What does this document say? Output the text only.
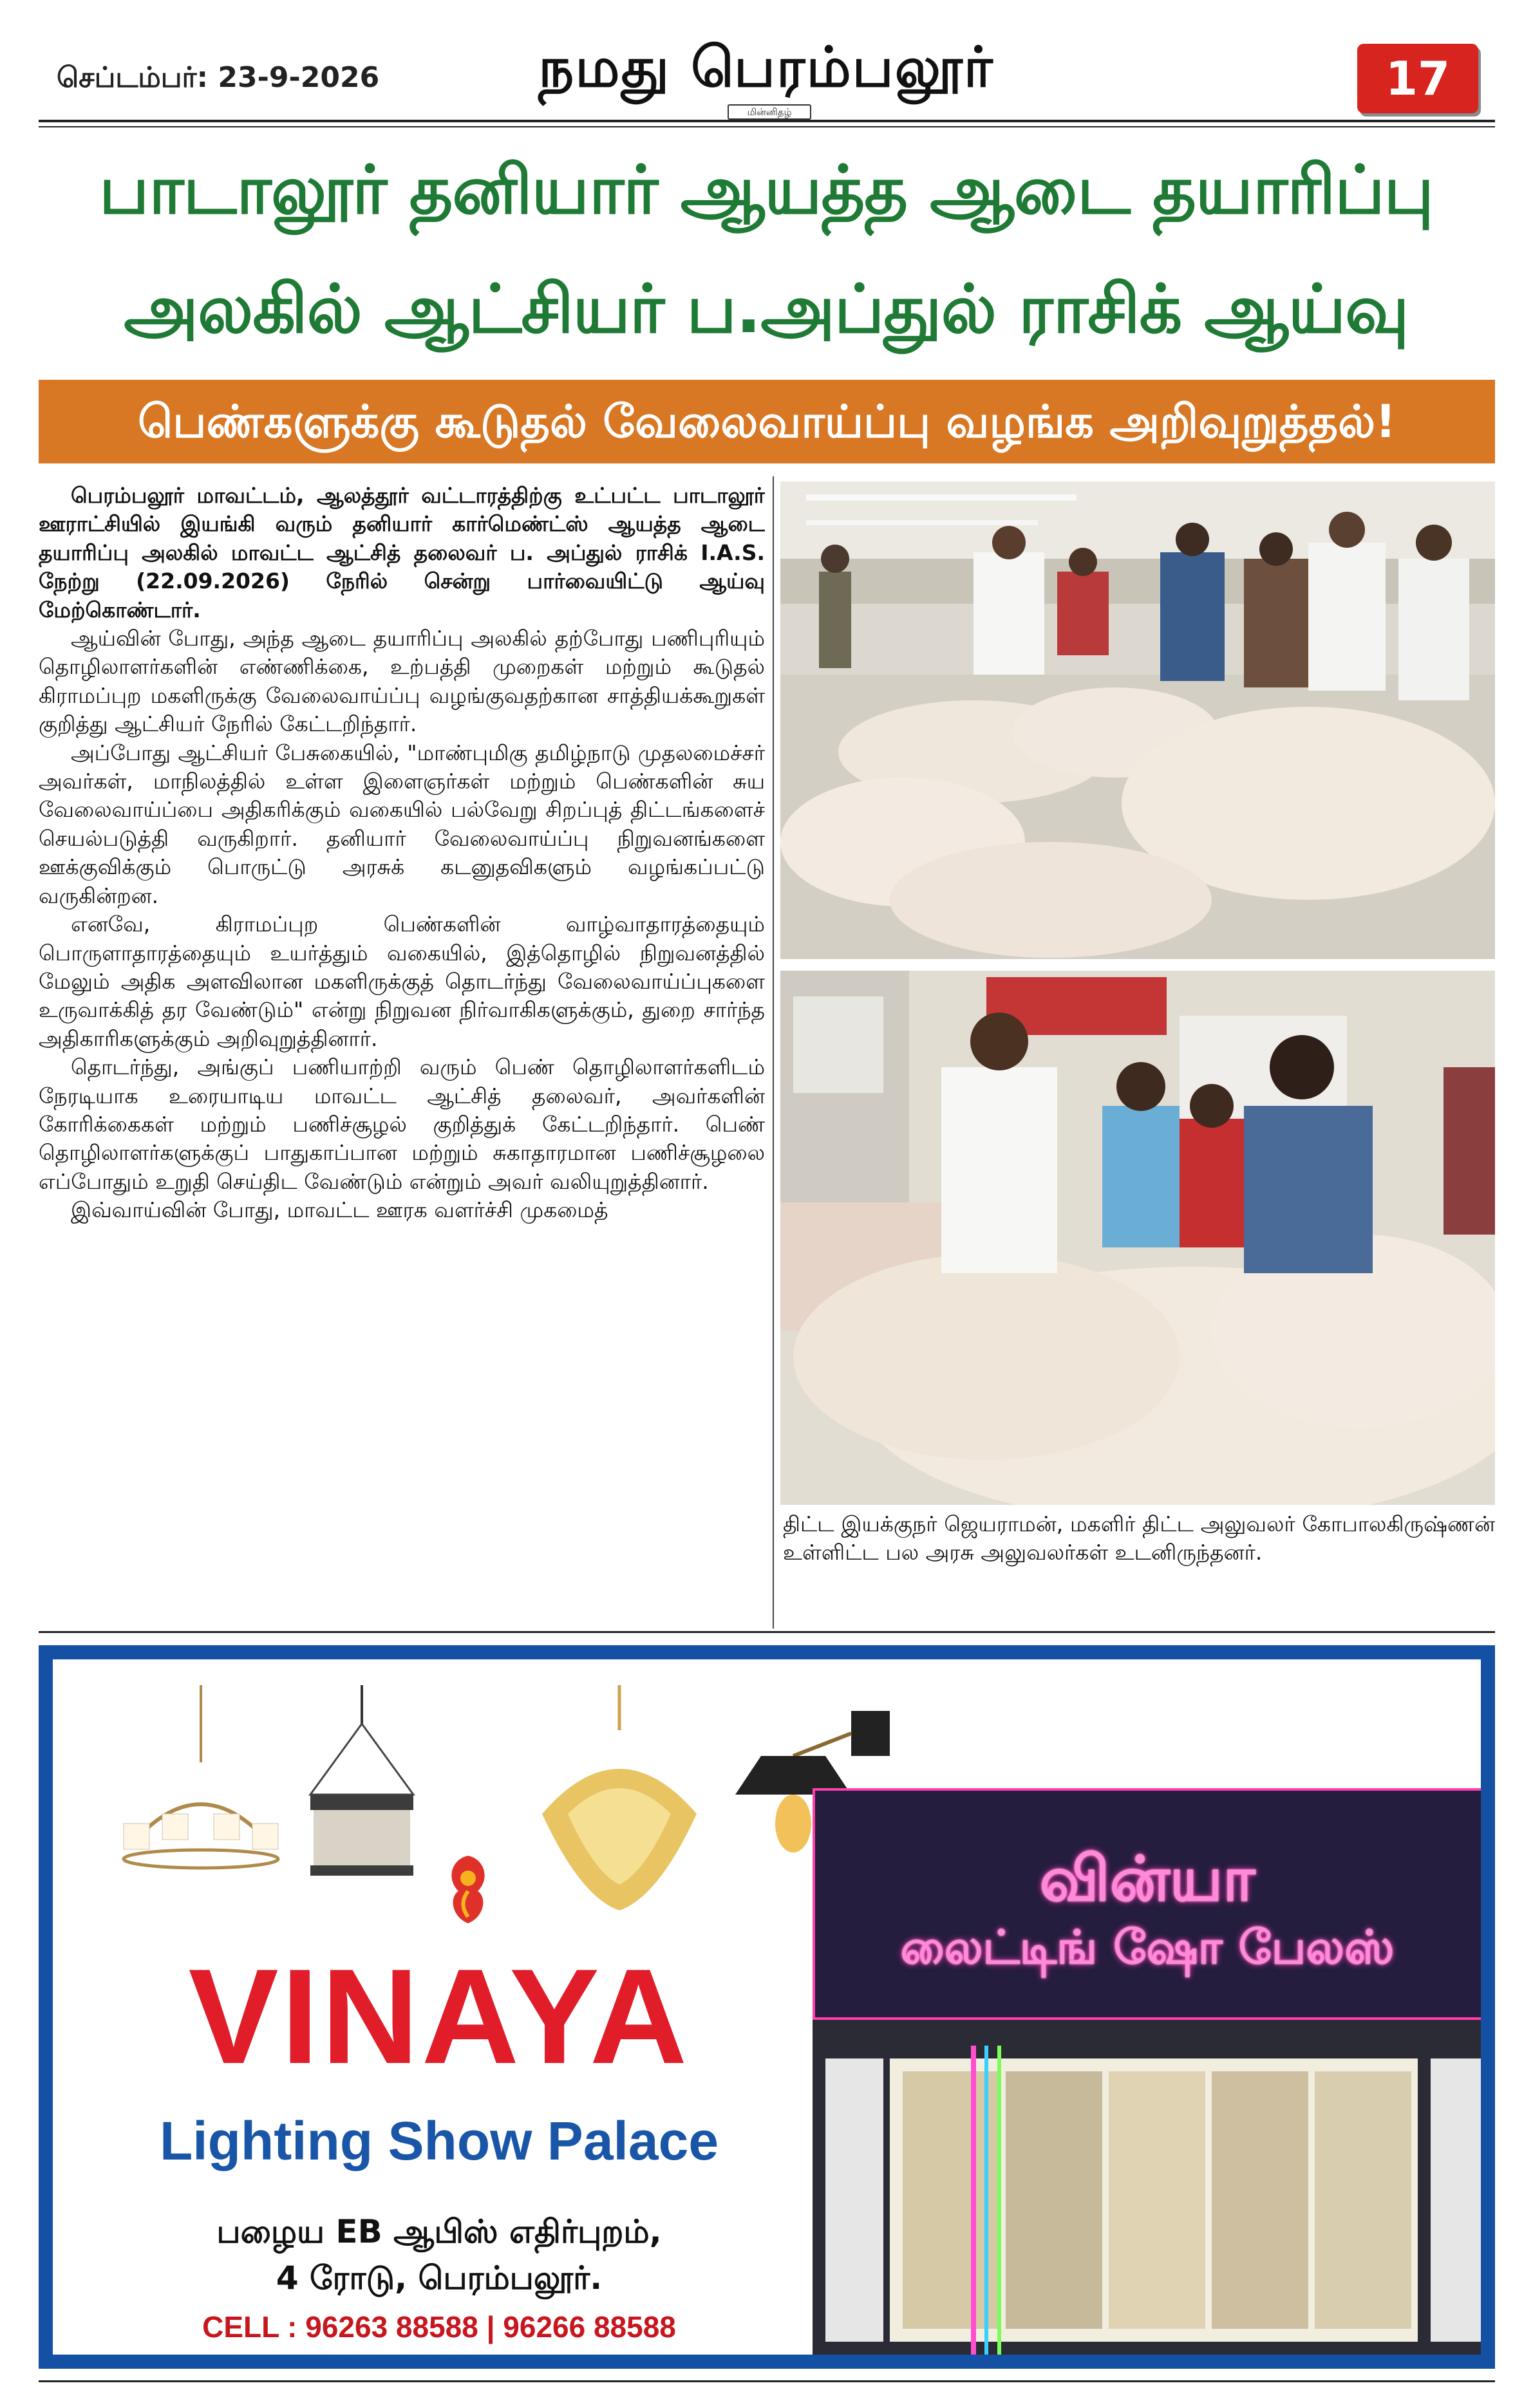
செப்டம்பர்: 23-9-2026	நமது பெரம்பலூர்
மின்னிதழ்
17
பாடாலூர் தனியார் ஆயத்த ஆடை தயாரிப்பு
அலகில் ஆட்சியர் ப.அப்துல் ராசிக் ஆய்வு
பெண்களுக்கு கூடுதல் வேலைவாய்ப்பு வழங்க அறிவுறுத்தல்!

பெரம்பலூர் மாவட்டம், ஆலத்தூர் வட்டாரத்திற்கு உட்பட்ட பாடாலூர் ஊராட்சியில் இயங்கி வரும் தனியார் கார்மெண்ட்ஸ் ஆயத்த ஆடை தயாரிப்பு அலகில் மாவட்ட ஆட்சித் தலைவர் ப. அப்துல் ராசிக் I.A.S. நேற்று (22.09.2026) நேரில் சென்று பார்வையிட்டு ஆய்வு மேற்கொண்டார்.

ஆய்வின் போது, அந்த ஆடை தயாரிப்பு அலகில் தற்போது பணிபுரியும் தொழிலாளர்களின் எண்ணிக்கை, உற்பத்தி முறைகள் மற்றும் கூடுதல் கிராமப்புற மகளிருக்கு வேலைவாய்ப்பு வழங்குவதற்கான சாத்தியக்கூறுகள் குறித்து ஆட்சியர் நேரில் கேட்டறிந்தார்.

அப்போது ஆட்சியர் பேசுகையில், "மாண்புமிகு தமிழ்நாடு முதலமைச்சர் அவர்கள், மாநிலத்தில் உள்ள இளைஞர்கள் மற்றும் பெண்களின் சுய வேலைவாய்ப்பை அதிகரிக்கும் வகையில் பல்வேறு சிறப்புத் திட்டங்களைச் செயல்படுத்தி வருகிறார். தனியார் வேலைவாய்ப்பு நிறுவனங்களை ஊக்குவிக்கும் பொருட்டு அரசுக் கடனுதவிகளும் வழங்கப்பட்டு வருகின்றன.

எனவே, கிராமப்புற பெண்களின் வாழ்வாதாரத்தையும் பொருளாதாரத்தையும் உயர்த்தும் வகையில், இத்தொழில் நிறுவனத்தில் மேலும் அதிக அளவிலான மகளிருக்குத் தொடர்ந்து வேலைவாய்ப்புகளை உருவாக்கித் தர வேண்டும்" என்று நிறுவன நிர்வாகிகளுக்கும், துறை சார்ந்த அதிகாரிகளுக்கும் அறிவுறுத்தினார்.

தொடர்ந்து, அங்குப் பணியாற்றி வரும் பெண் தொழிலாளர்களிடம் நேரடியாக உரையாடிய மாவட்ட ஆட்சித் தலைவர், அவர்களின் கோரிக்கைகள் மற்றும் பணிச்சூழல் குறித்துக் கேட்டறிந்தார். பெண் தொழிலாளர்களுக்குப் பாதுகாப்பான மற்றும் சுகாதாரமான பணிச்சூழலை எப்போதும் உறுதி செய்திட வேண்டும் என்றும் அவர் வலியுறுத்தினார்.

இவ்வாய்வின் போது, மாவட்ட ஊரக வளர்ச்சி முகமைத்

திட்ட இயக்குநர் ஜெயராமன், மகளிர் திட்ட அலுவலர் கோபாலகிருஷ்ணன் உள்ளிட்ட பல அரசு அலுவலர்கள் உடனிருந்தனர்.

VINAYA
Lighting Show Palace
பழைய EB ஆபிஸ் எதிர்புறம்,
4 ரோடு, பெரம்பலூர்.
CELL : 96263 88588 | 96266 88588
வின்யா
லைட்டிங் ஷோ பேலஸ்
